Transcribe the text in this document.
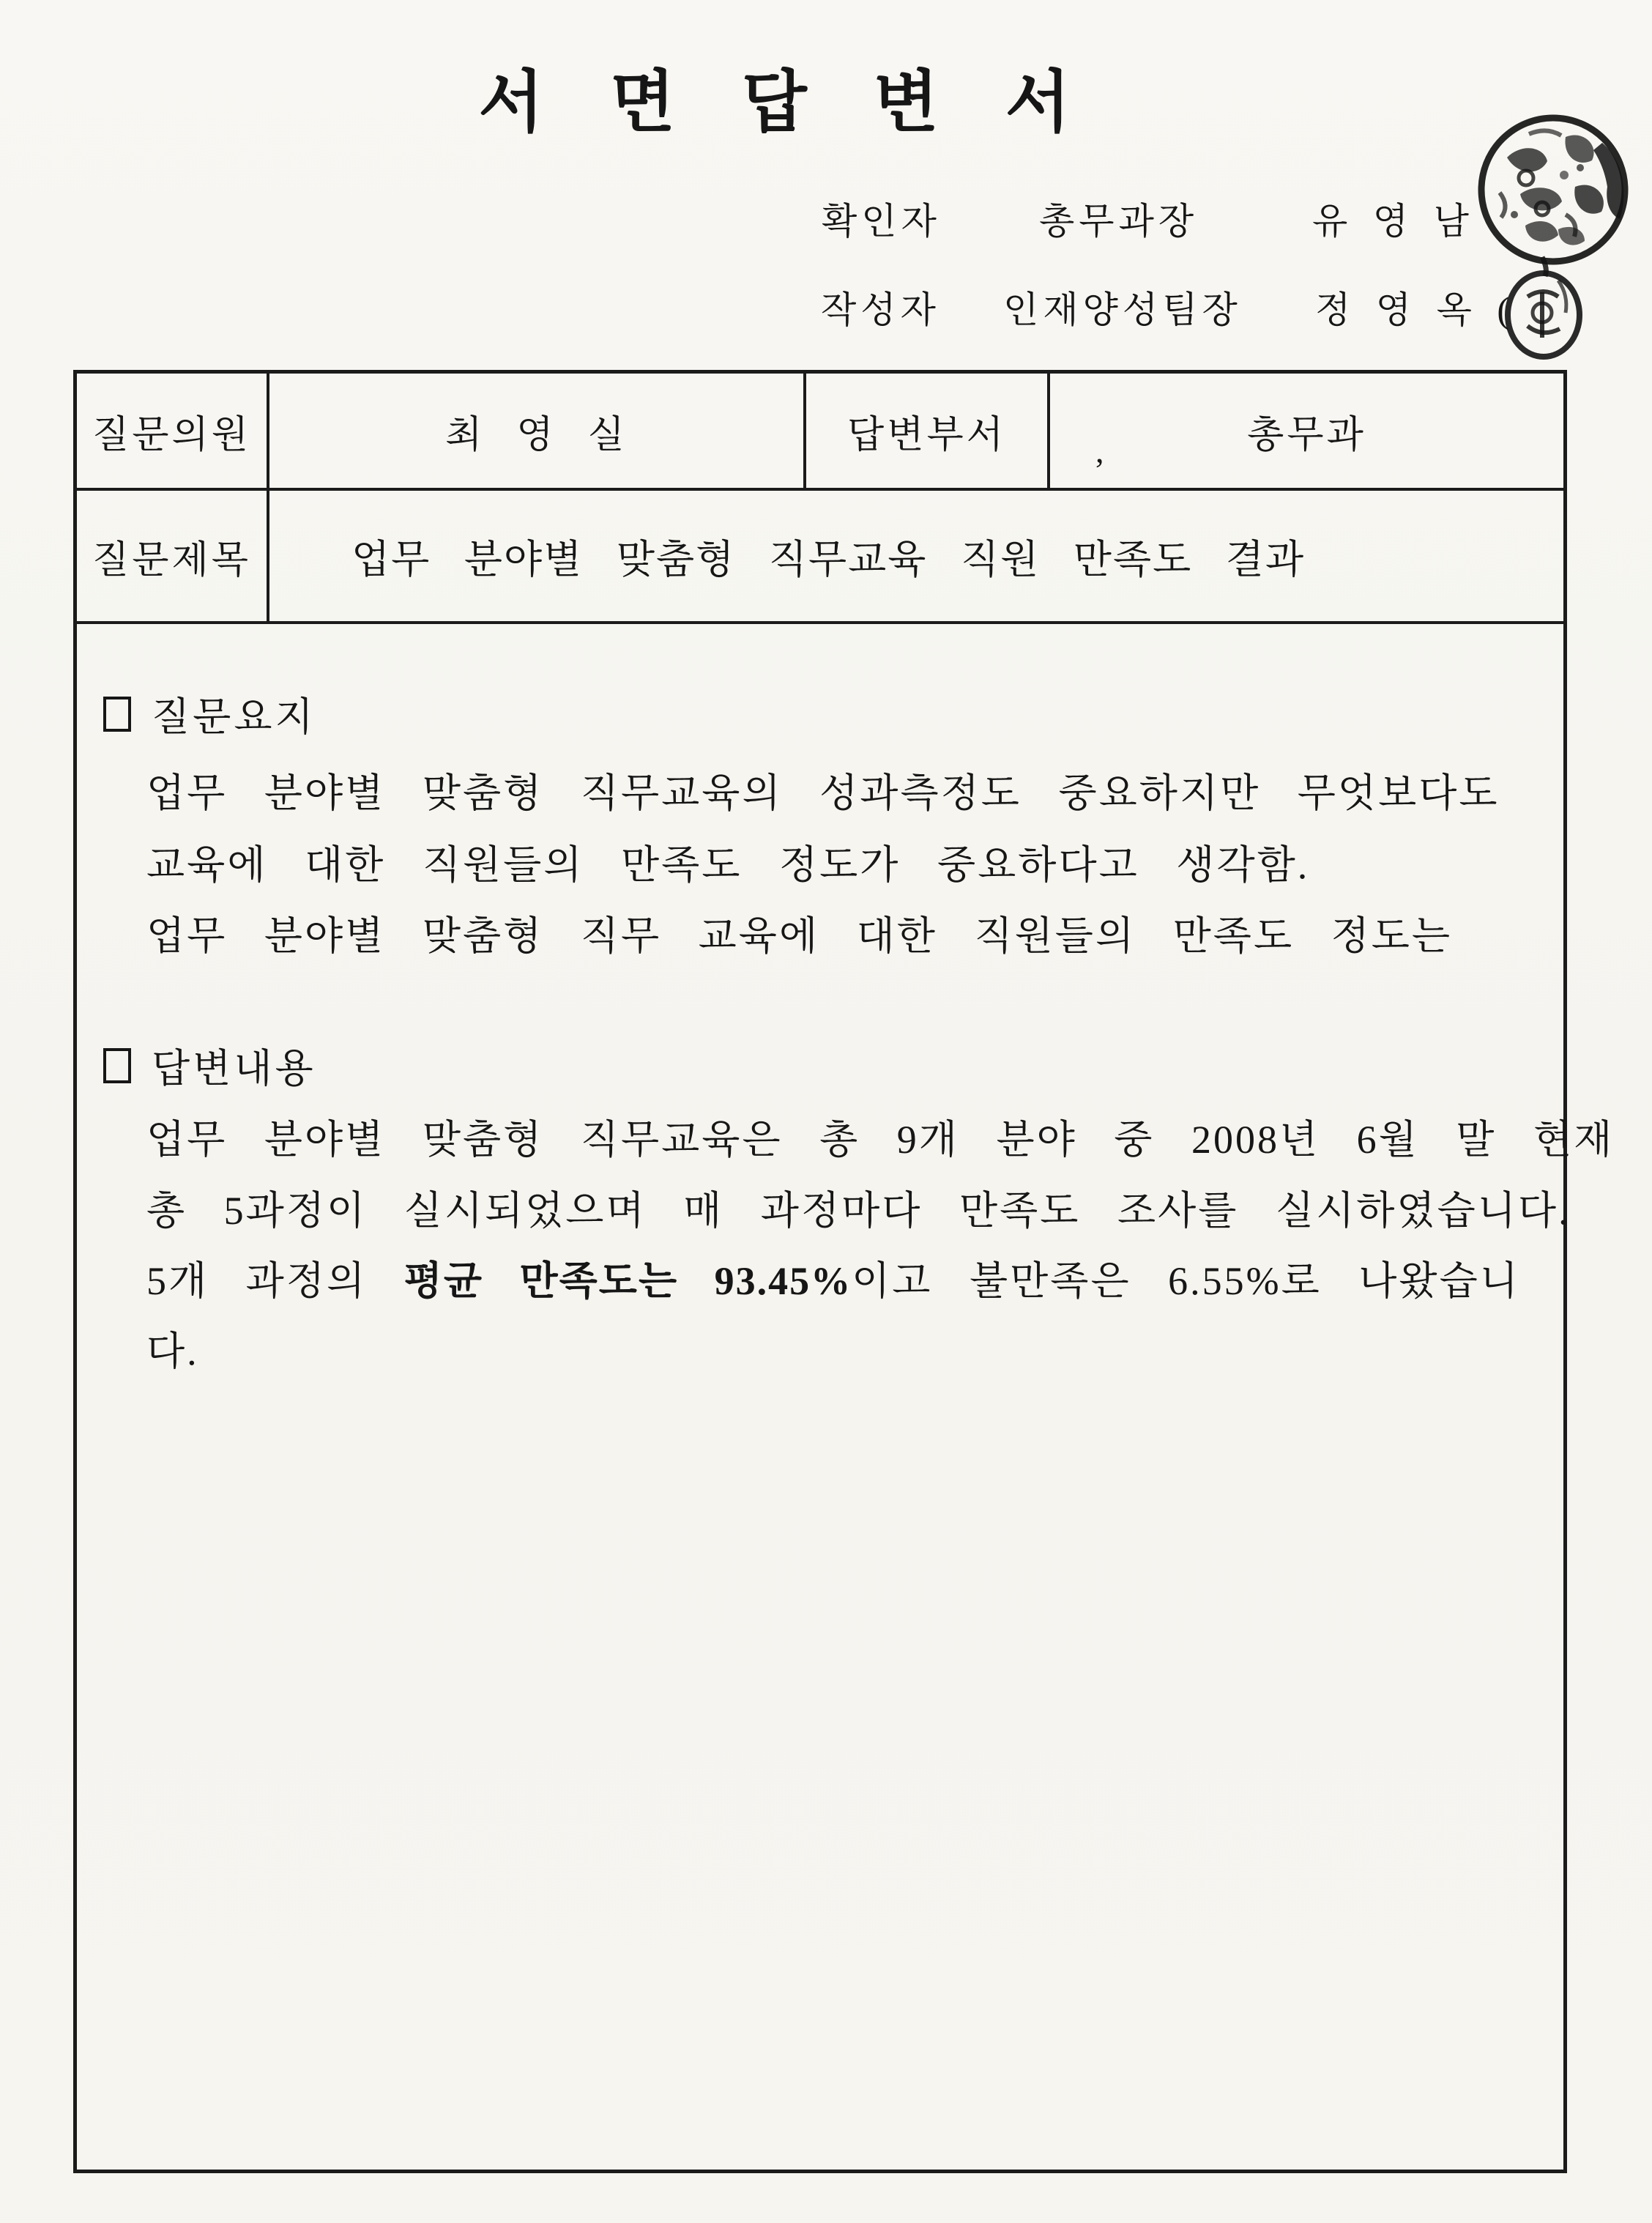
서 면 답 변 서
확인자	총무과장	유 영 남
작성자 인재양성팀장 정 영 옥 (
질문의원	최 영 실	답변부서	총무과
,
질문제목	업무 분야별 맞춤형 직무교육 직원 만족도 결과
질문요지
업무 분야별 맞춤형 직무교육의 성과측정도 중요하지만 무엇보다도
교육에 대한 직원들의 만족도 정도가 중요하다고 생각함.
업무 분야별 맞춤형 직무 교육에 대한 직원들의 만족도 정도는
답변내용
업무 분야별 맞춤형 직무교육은 총 9개 분야 중 2008년 6월 말 현재
총 5과정이 실시되었으며 매 과정마다 만족도 조사를 실시하였습니다.
5개 과정의 평균 만족도는 93.45%이고 불만족은 6.55%로 나왔습니
다.
